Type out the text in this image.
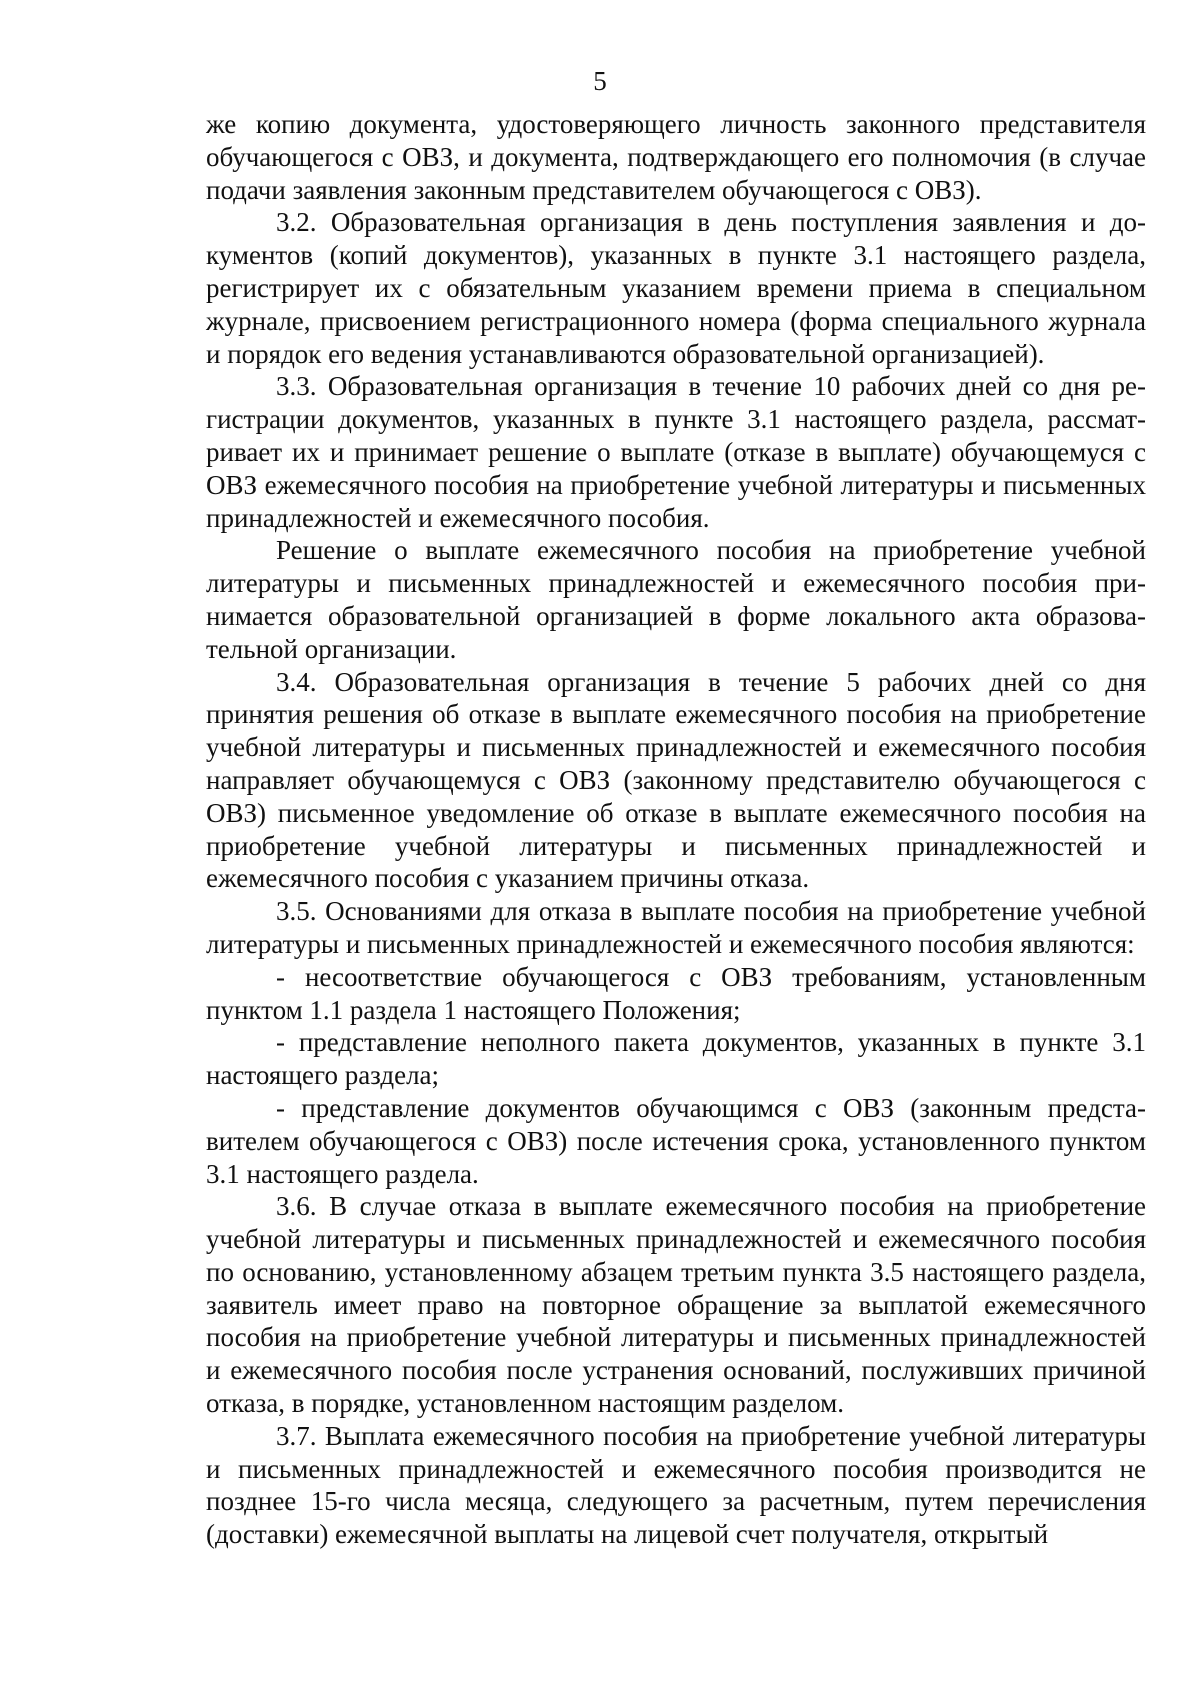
5

же копию документа, удостоверяющего личность законного представителя обучающегося с ОВЗ, и документа, подтверждающего его полномочия (в случае подачи заявления законным представителем обучающегося с ОВЗ).

3.2. Образовательная организация в день поступления заявления и документов (копий документов), указанных в пункте 3.1 настоящего раздела, регистрирует их с обязательным указанием времени приема в специальном журнале, присвоением регистрационного номера (форма специального журнала и порядок его ведения устанавливаются образовательной организацией).

3.3. Образовательная организация в течение 10 рабочих дней со дня регистрации документов, указанных в пункте 3.1 настоящего раздела, рассматривает их и принимает решение о выплате (отказе в выплате) обучающемуся с ОВЗ ежемесячного пособия на приобретение учебной литературы и письменных принадлежностей и ежемесячного пособия.

Решение о выплате ежемесячного пособия на приобретение учебной литературы и письменных принадлежностей и ежемесячного пособия принимается образовательной организацией в форме локального акта образовательной организации.

3.4. Образовательная организация в течение 5 рабочих дней со дня принятия решения об отказе в выплате ежемесячного пособия на приобретение учебной литературы и письменных принадлежностей и ежемесячного пособия направляет обучающемуся с ОВЗ (законному представителю обучающегося с ОВЗ) письменное уведомление об отказе в выплате ежемесячного пособия на приобретение учебной литературы и письменных принадлежностей и ежемесячного пособия с указанием причины отказа.

3.5. Основаниями для отказа в выплате пособия на приобретение учебной литературы и письменных принадлежностей и ежемесячного пособия являются:

- несоответствие обучающегося с ОВЗ требованиям, установленным пунктом 1.1 раздела 1 настоящего Положения;

- представление неполного пакета документов, указанных в пункте 3.1 настоящего раздела;

- представление документов обучающимся с ОВЗ (законным представителем обучающегося с ОВЗ) после истечения срока, установленного пунктом 3.1 настоящего раздела.

3.6. В случае отказа в выплате ежемесячного пособия на приобретение учебной литературы и письменных принадлежностей и ежемесячного пособия по основанию, установленному абзацем третьим пункта 3.5 настоящего раздела, заявитель имеет право на повторное обращение за выплатой ежемесячного пособия на приобретение учебной литературы и письменных принадлежностей и ежемесячного пособия после устранения оснований, послуживших причиной отказа, в порядке, установленном настоящим разделом.

3.7. Выплата ежемесячного пособия на приобретение учебной литературы и письменных принадлежностей и ежемесячного пособия производится не позднее 15-го числа месяца, следующего за расчетным, путем перечисления (доставки) ежемесячной выплаты на лицевой счет получателя, открытый
